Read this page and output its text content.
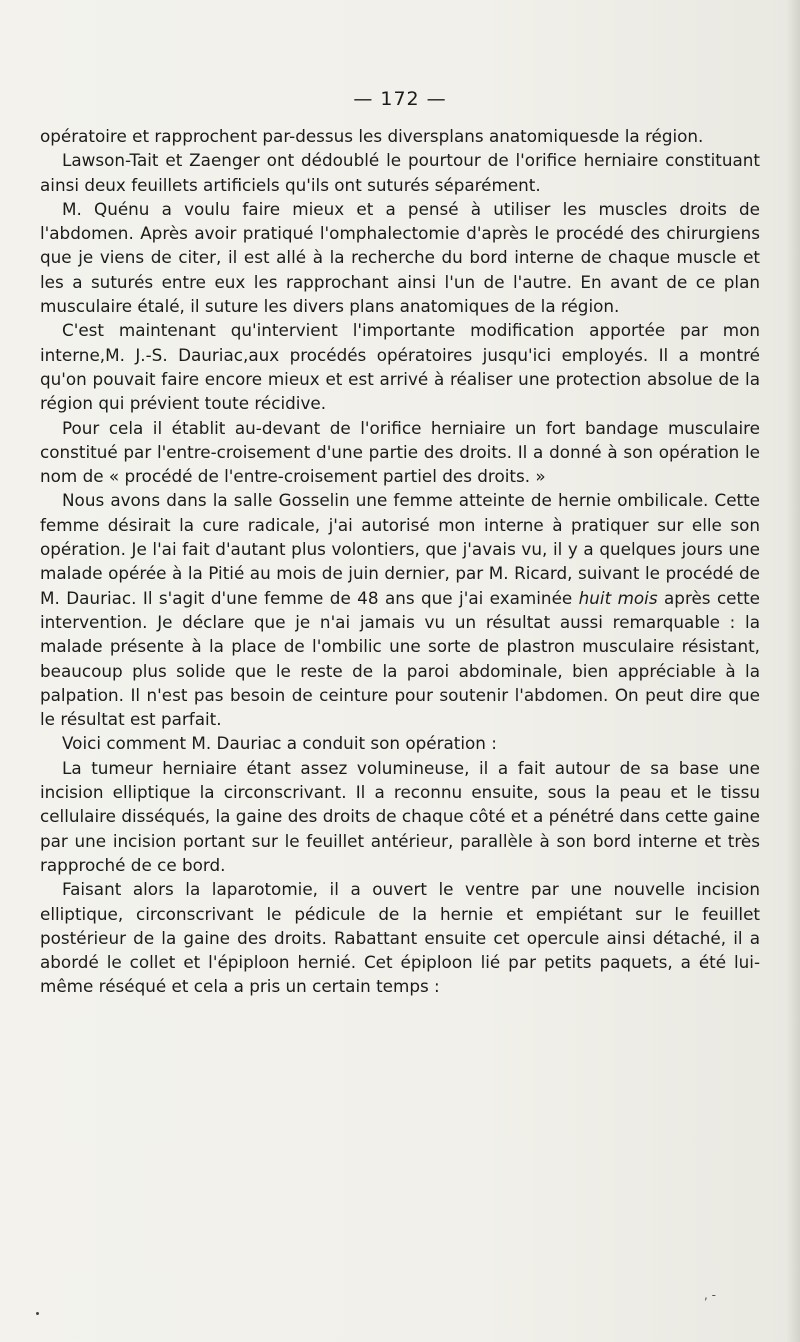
— 172 —

opératoire et rapprochent par-dessus les diversplans anatomiquesde la région.

Lawson-Tait et Zaenger ont dédoublé le pourtour de l'orifice herniaire constituant ainsi deux feuillets artificiels qu'ils ont suturés séparément.

M. Quénu a voulu faire mieux et a pensé à utiliser les muscles droits de l'abdomen. Après avoir pratiqué l'omphalectomie d'après le procédé des chirurgiens que je viens de citer, il est allé à la recherche du bord interne de chaque muscle et les a suturés entre eux les rapprochant ainsi l'un de l'autre. En avant de ce plan musculaire étalé, il suture les divers plans anatomiques de la région.

C'est maintenant qu'intervient l'importante modification apportée par mon interne,M. J.-S. Dauriac,aux procédés opératoires jusqu'ici employés. Il a montré qu'on pouvait faire encore mieux et est arrivé à réaliser une protection absolue de la région qui prévient toute récidive.

Pour cela il établit au-devant de l'orifice herniaire un fort bandage musculaire constitué par l'entre-croisement d'une partie des droits. Il a donné à son opération le nom de « procédé de l'entre-croisement partiel des droits. »

Nous avons dans la salle Gosselin une femme atteinte de hernie ombilicale. Cette femme désirait la cure radicale, j'ai autorisé mon interne à pratiquer sur elle son opération. Je l'ai fait d'autant plus volontiers, que j'avais vu, il y a quelques jours une malade opérée à la Pitié au mois de juin dernier, par M. Ricard, suivant le procédé de M. Dauriac. Il s'agit d'une femme de 48 ans que j'ai examinée huit mois après cette intervention. Je déclare que je n'ai jamais vu un résultat aussi remarquable : la malade présente à la place de l'ombilic une sorte de plastron musculaire résistant, beaucoup plus solide que le reste de la paroi abdominale, bien appréciable à la palpation. Il n'est pas besoin de ceinture pour soutenir l'abdomen. On peut dire que le résultat est parfait.

Voici comment M. Dauriac a conduit son opération :

La tumeur herniaire étant assez volumineuse, il a fait autour de sa base une incision elliptique la circonscrivant. Il a reconnu ensuite, sous la peau et le tissu cellulaire disséqués, la gaine des droits de chaque côté et a pénétré dans cette gaine par une incision portant sur le feuillet antérieur, parallèle à son bord interne et très rapproché de ce bord.

Faisant alors la laparotomie, il a ouvert le ventre par une nouvelle incision elliptique, circonscrivant le pédicule de la hernie et empiétant sur le feuillet postérieur de la gaine des droits. Rabattant ensuite cet opercule ainsi détaché, il a abordé le collet et l'épiploon hernié. Cet épiploon lié par petits paquets, a été lui-même réséqué et cela a pris un certain temps :

, -
